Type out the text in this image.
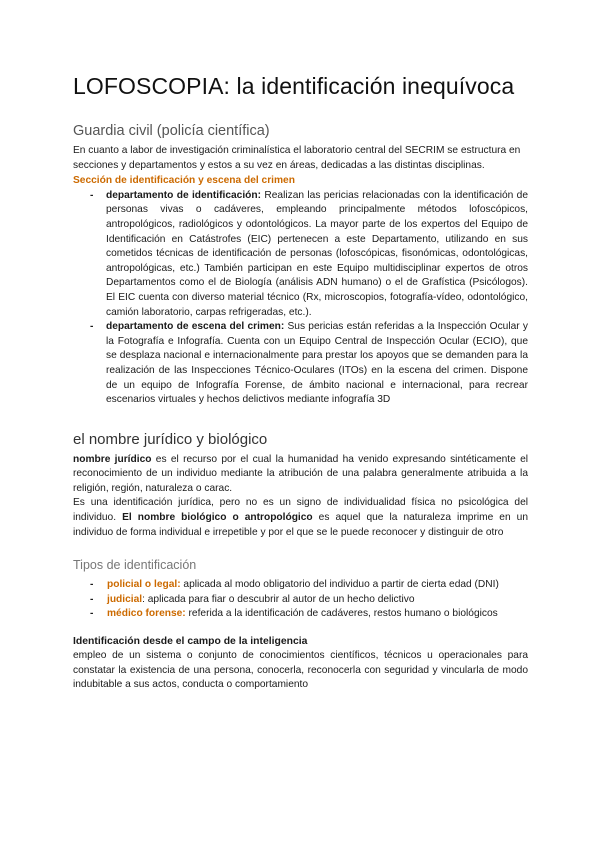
LOFOSCOPIA: la identificación inequívoca
Guardia civil (policía científica)

En cuanto a labor de investigación criminalística el laboratorio central del SECRIM se estructura en secciones y departamentos y estos a su vez en áreas, dedicadas a las distintas disciplinas.

Sección de identificación y escena del crimen
- departamento de identificación: Realizan las pericias relacionadas con la identificación de personas vivas o cadáveres, empleando principalmente métodos lofoscópicos, antropológicos, radiológicos y odontológicos. La mayor parte de los expertos del Equipo de Identificación en Catástrofes (EIC) pertenecen a este Departamento, utilizando en sus cometidos técnicas de identificación de personas (lofoscópicas, fisonómicas, odontológicas, antropológicas, etc.) También participan en este Equipo multidisciplinar expertos de otros Departamentos como el de Biología (análisis ADN humano) o el de Grafística (Psicólogos). El EIC cuenta con diverso material técnico (Rx, microscopios, fotografía-vídeo, odontológico, camión laboratorio, carpas refrigeradas, etc.).
- departamento de escena del crimen: Sus pericias están referidas a la Inspección Ocular y la Fotografía e Infografía. Cuenta con un Equipo Central de Inspección Ocular (ECIO), que se desplaza nacional e internacionalmente para prestar los apoyos que se demanden para la realización de las Inspecciones Técnico-Oculares (ITOs) en la escena del crimen. Dispone de un equipo de Infografía Forense, de ámbito nacional e internacional, para recrear escenarios virtuales y hechos delictivos mediante infografía 3D
el nombre jurídico y biológico

nombre jurídico es el recurso por el cual la humanidad ha venido expresando sintéticamente el reconocimiento de un individuo mediante la atribución de una palabra generalmente atribuida a la religión, región, naturaleza o carac.

Es una identificación jurídica, pero no es un signo de individualidad física no psicológica del individuo. El nombre biológico o antropológico es aquel que la naturaleza imprime en un individuo de forma individual e irrepetible y por el que se le puede reconocer y distinguir de otro

Tipos de identificación
- policial o legal: aplicada al modo obligatorio del individuo a partir de cierta edad (DNI)
- judicial: aplicada para fiar o descubrir al autor de un hecho delictivo
- médico forense: referida a la identificación de cadáveres, restos humano o biológicos
Identificación desde el campo de la inteligencia

empleo de un sistema o conjunto de conocimientos científicos, técnicos u operacionales para constatar la existencia de una persona, conocerla, reconocerla con seguridad y vincularla de modo indubitable a sus actos, conducta o comportamiento
